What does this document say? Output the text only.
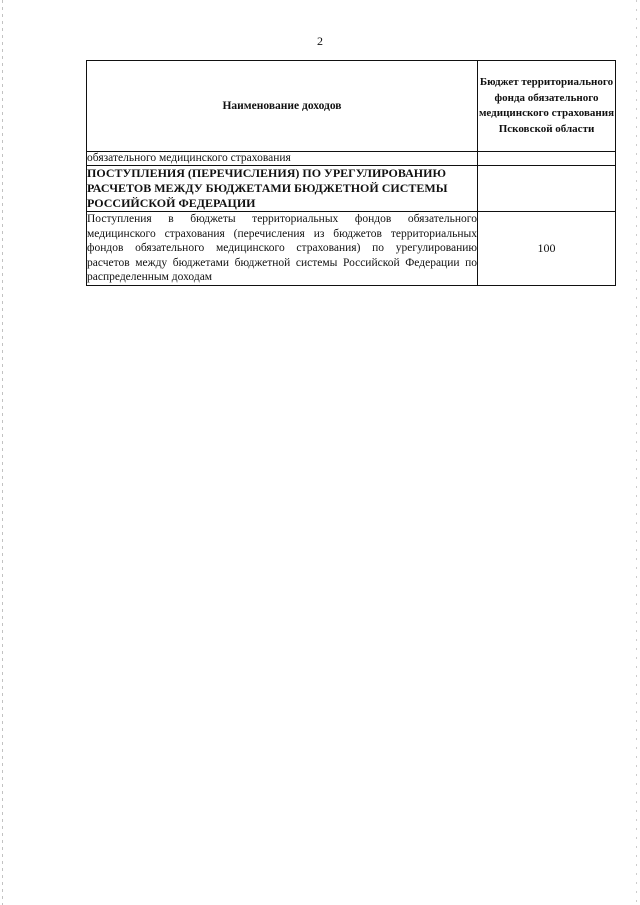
2
Наименование доходов	Бюджет территориального фонда обязательного медицинского страхования Псковской области
обязательного медицинского страхования	
ПОСТУПЛЕНИЯ (ПЕРЕЧИСЛЕНИЯ) ПО УРЕГУЛИРОВАНИЮ РАСЧЕТОВ МЕЖДУ БЮДЖЕТАМИ БЮДЖЕТНОЙ СИСТЕМЫ РОССИЙСКОЙ ФЕДЕРАЦИИ	
Поступления в бюджеты территориальных фондов обязательного медицинского страхования (перечисления из бюджетов территориальных фондов обязательного медицинского страхования) по урегулированию расчетов между бюджетами бюджетной системы Российской Федерации по распределенным доходам	100
